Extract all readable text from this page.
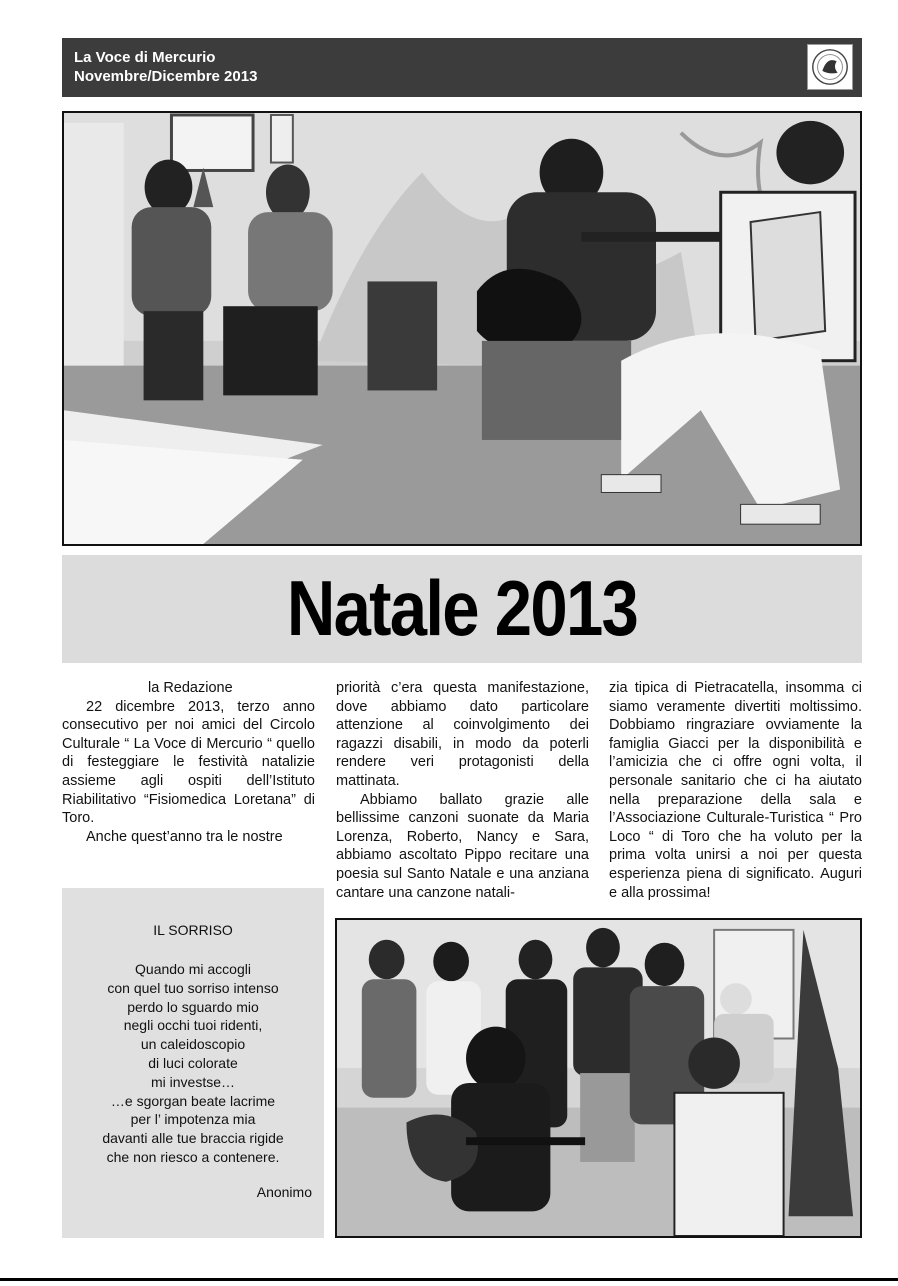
La Voce di Mercurio
Novembre/Dicembre 2013
Natale 2013

la Redazione

22 dicembre 2013, terzo anno consecutivo per noi amici del Circolo Culturale “ La Voce di Mercurio “ quello di festeggiare le festività natalizie assieme agli ospiti dell’Istituto Riabilitativo “Fisiomedica Loretana” di Toro.

Anche quest’anno tra le nostre

priorità c’era questa manifestazione, dove abbiamo dato particolare attenzione al coinvolgimento dei ragazzi disabili, in modo da poterli rendere veri protagonisti della mattinata.

Abbiamo ballato grazie alle bellissime canzoni suonate da Maria Lorenza, Roberto, Nancy e Sara, abbiamo ascoltato Pippo recitare una poesia sul Santo Natale e una anziana cantare una canzone natali-

zia tipica di Pietracatella, insomma ci siamo veramente divertiti moltissimo. Dobbiamo ringraziare ovviamente la famiglia Giacci per la disponibilità e l’amicizia che ci offre ogni volta, il personale sanitario che ci ha aiutato nella preparazione della sala e l’Associazione Culturale-Turistica “ Pro Loco “ di Toro che ha voluto per la prima volta unirsi a noi per questa esperienza piena di significato. Auguri e alla prossima!

IL SORRISO
Quando mi accogli
con quel tuo sorriso intenso
perdo lo sguardo mio
negli occhi tuoi ridenti,
un caleidoscopio
di luci colorate
mi investse…
…e sgorgan beate lacrime
per l’ impotenza mia
davanti alle tue braccia rigide
che non riesco a contenere.
Anonimo
